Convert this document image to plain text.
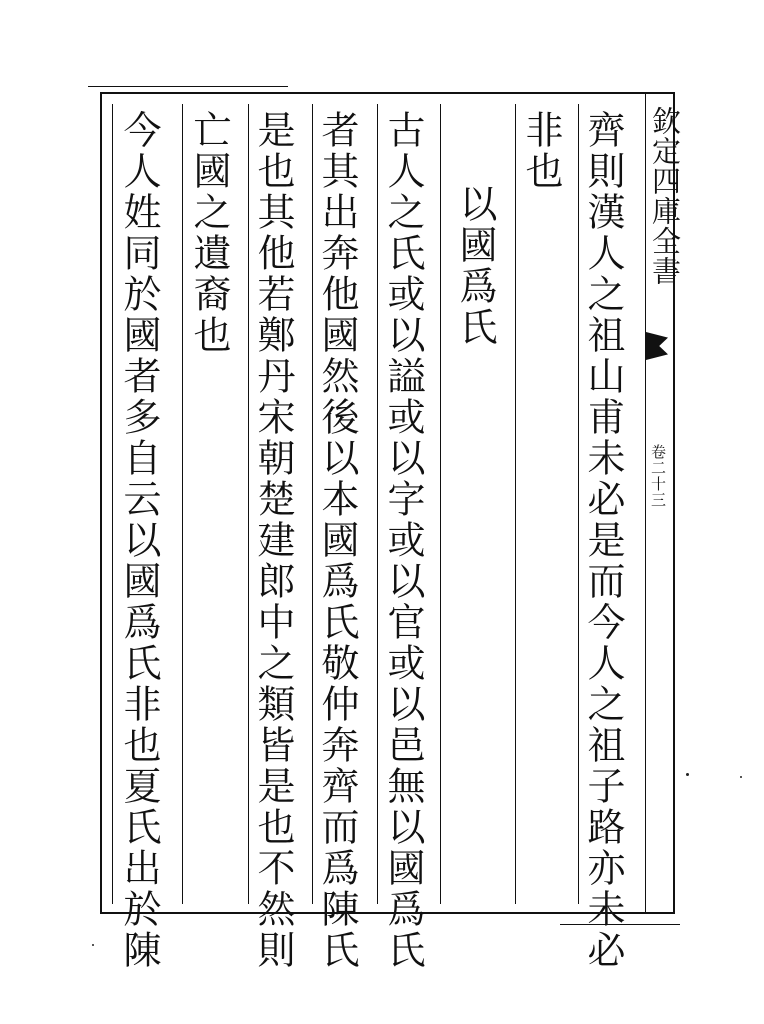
欽定四庫全書
卷二十三
齊則漢人之祖山甫未必是而今人之祖子路亦未必
非也
以國爲氏
古人之氏或以謚或以字或以官或以邑無以國爲氏
者其出奔他國然後以本國爲氏敬仲奔齊而爲陳氏
是也其他若鄭丹宋朝楚建郎中之類皆是也不然則
亡國之遺裔也
今人姓同於國者多自云以國爲氏非也夏氏出於陳
